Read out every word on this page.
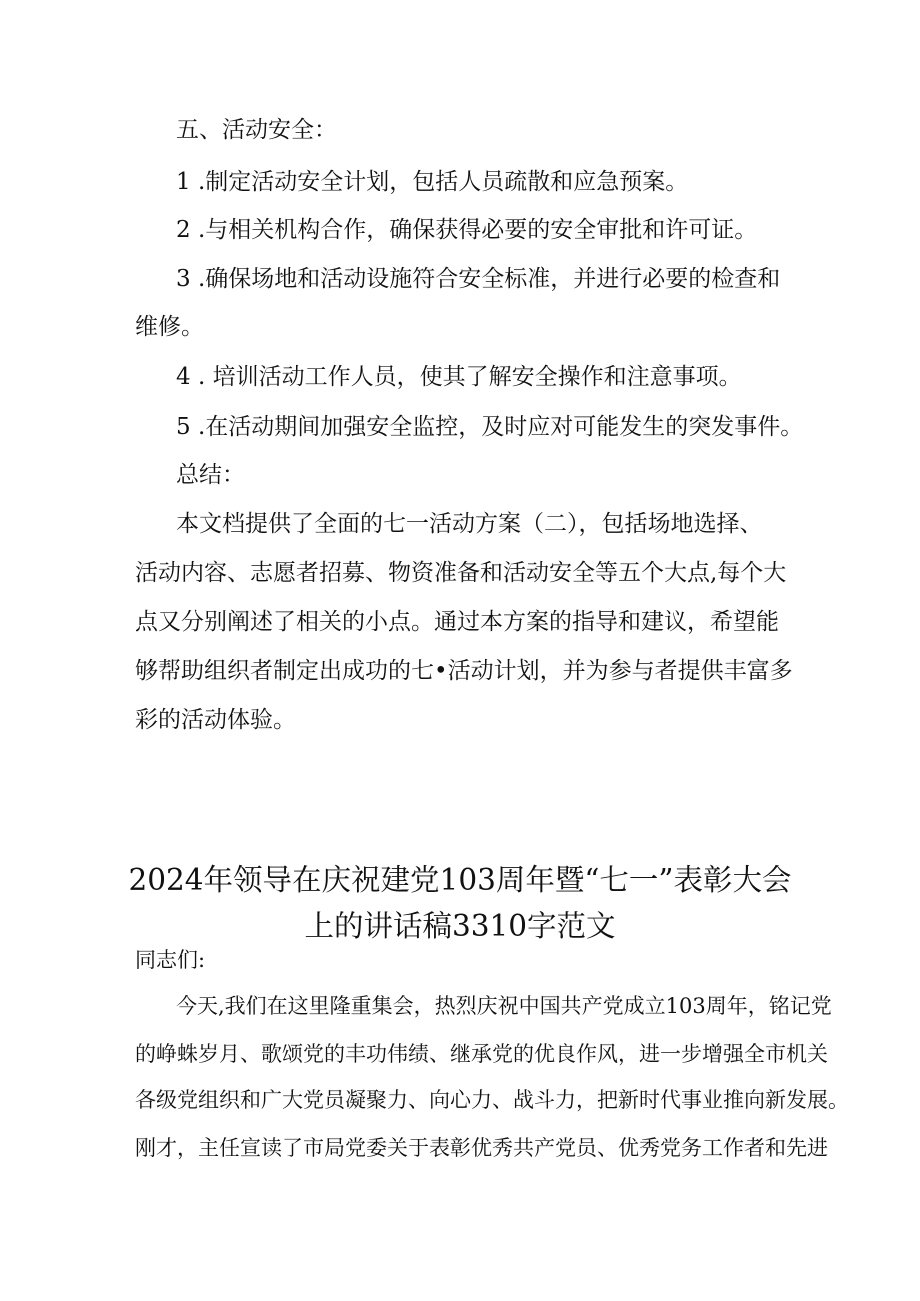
五、活动安全：
1 .制定活动安全计划，包括人员疏散和应急预案。
2 .与相关机构合作，确保获得必要的安全审批和许可证。
3 .确保场地和活动设施符合安全标准，并进行必要的检查和
维修。
4 . 培训活动工作人员，使其了解安全操作和注意事项。
5 .在活动期间加强安全监控，及时应对可能发生的突发事件。
总结：
本文档提供了全面的七一活动方案（二），包括场地选择、
活动内容、志愿者招募、物资准备和活动安全等五个大点,每个大
点又分别阐述了相关的小点。通过本方案的指导和建议，希望能
够帮助组织者制定出成功的七•活动计划，并为参与者提供丰富多
彩的活动体验。
2024年领导在庆祝建党103周年暨“七一”表彰大会
上的讲话稿3310字范文
同志们:
今天,我们在这里隆重集会，热烈庆祝中国共产党成立103周年，铭记党
的峥蛛岁月、歌颂党的丰功伟绩、继承党的优良作风，进一步增强全市机关
各级党组织和广大党员凝聚力、向心力、战斗力，把新时代事业推向新发展。
刚才，主任宣读了市局党委关于表彰优秀共产党员、优秀党务工作者和先进
